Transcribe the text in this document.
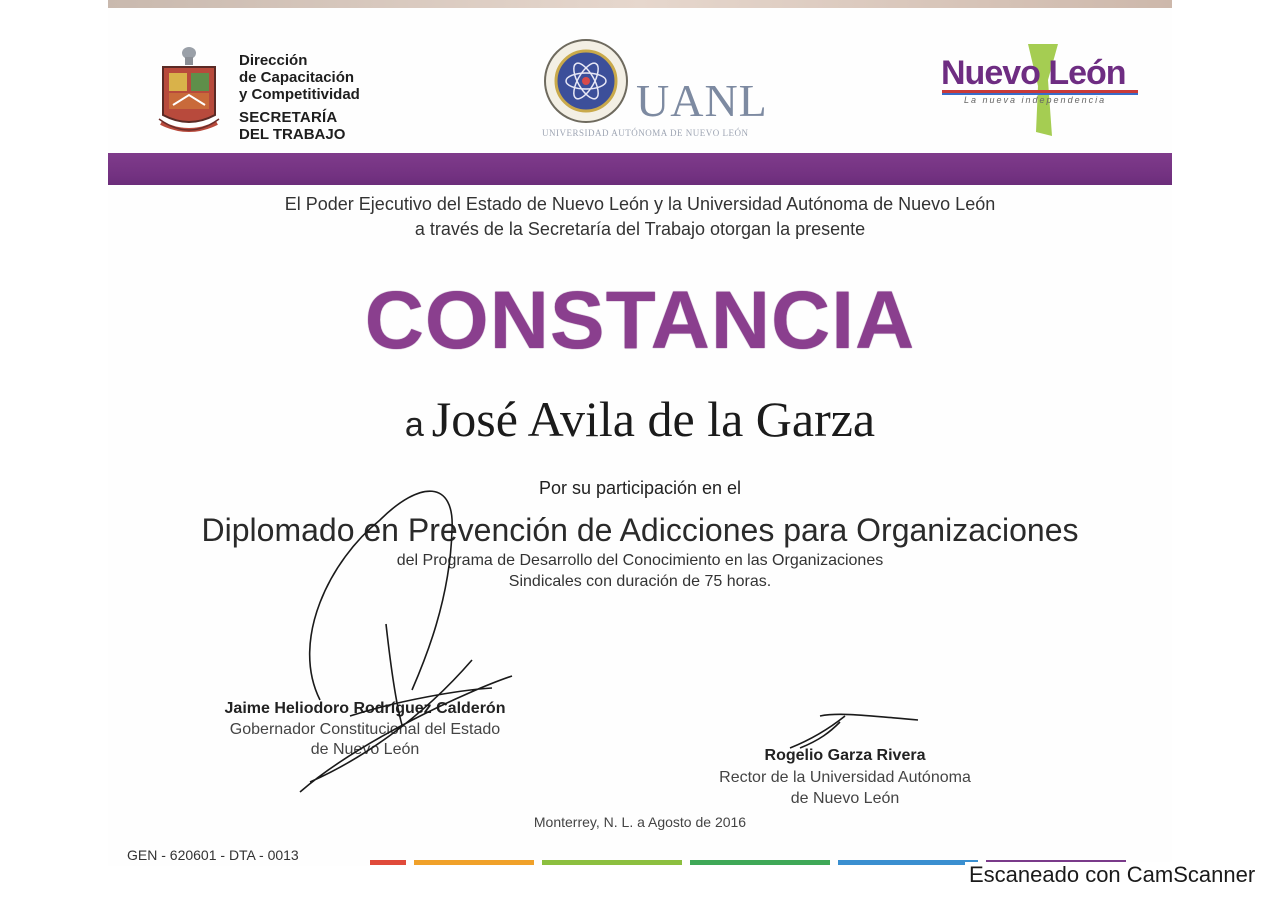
Dirección
de Capacitación
y Competitividad
SECRETARÍA
DEL TRABAJO
UANL
UNIVERSIDAD AUTÓNOMA DE NUEVO LEÓN
Nuevo León
La nueva independencia
El Poder Ejecutivo del Estado de Nuevo León y la Universidad Autónoma de Nuevo León
a través de la Secretaría del Trabajo otorgan la presente
CONSTANCIA
a José Avila de la Garza
Por su participación en el
Diplomado en Prevención de Adicciones para Organizaciones
del Programa de Desarrollo del Conocimiento en las Organizaciones
Sindicales con duración de 75 horas.
Jaime Heliodoro Rodríguez Calderón
Gobernador Constitucional del Estado
de Nuevo León	Rogelio Garza Rivera
Rector de la Universidad Autónoma
de Nuevo León
Monterrey, N. L. a Agosto de 2016
GEN - 620601 - DTA - 0013
Escaneado con CamScanner
